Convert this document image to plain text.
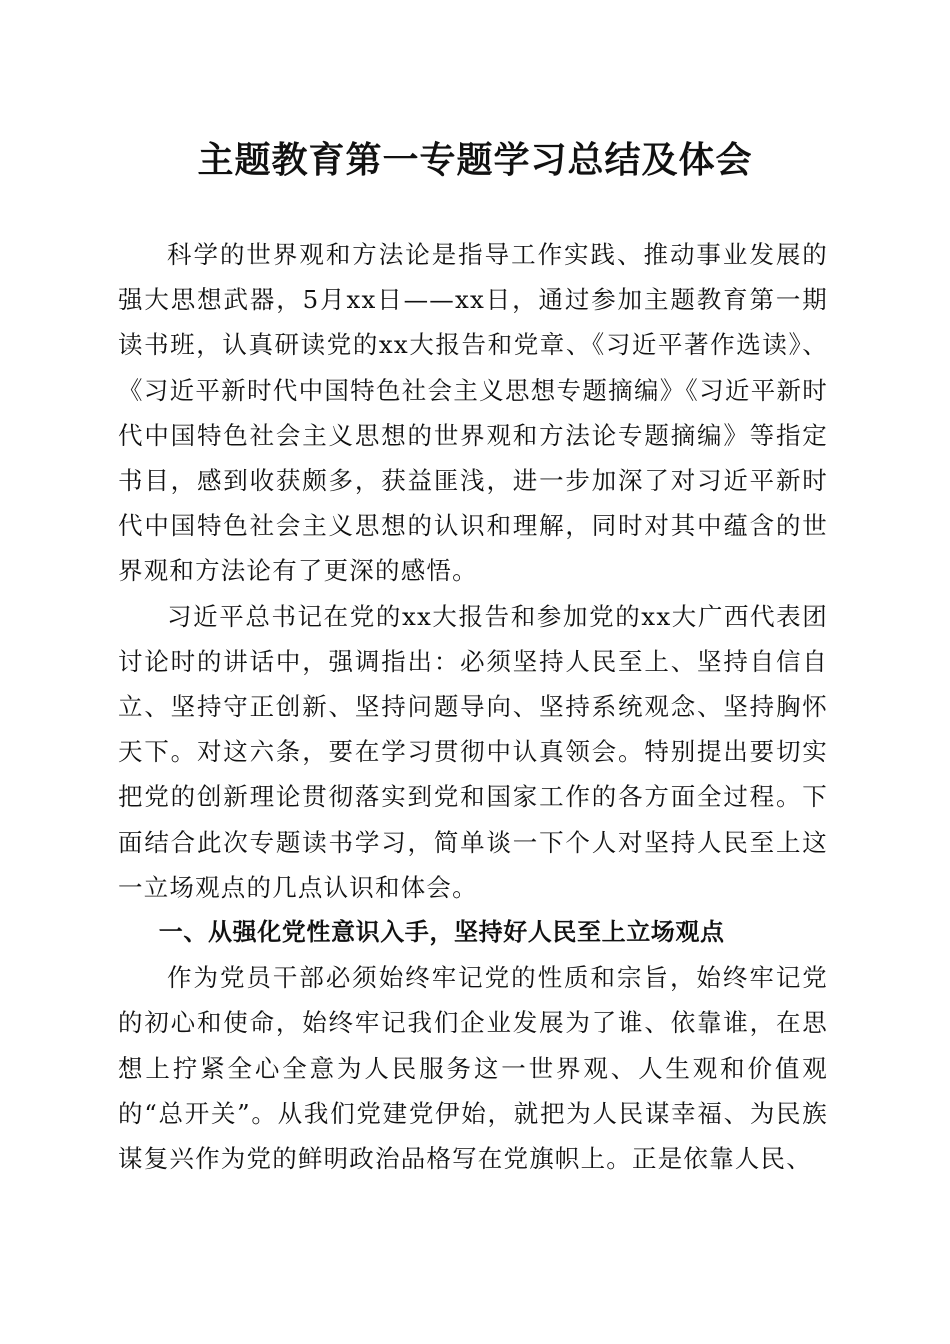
主题教育第一专题学习总结及体会

科学的世界观和方法论是指导工作实践、推动事业发展的强大思想武器，5月xx日——xx日，通过参加主题教育第一期读书班，认真研读党的xx大报告和党章、《习近平著作选读》、《习近平新时代中国特色社会主义思想专题摘编》《习近平新时代中国特色社会主义思想的世界观和方法论专题摘编》等指定书目，感到收获颇多，获益匪浅，进一步加深了对习近平新时代中国特色社会主义思想的认识和理解，同时对其中蕴含的世界观和方法论有了更深的感悟。

习近平总书记在党的xx大报告和参加党的xx大广西代表团讨论时的讲话中，强调指出：必须坚持人民至上、坚持自信自立、坚持守正创新、坚持问题导向、坚持系统观念、坚持胸怀天下。对这六条，要在学习贯彻中认真领会。特别提出要切实把党的创新理论贯彻落实到党和国家工作的各方面全过程。下面结合此次专题读书学习，简单谈一下个人对坚持人民至上这一立场观点的几点认识和体会。

一、从强化党性意识入手，坚持好人民至上立场观点

作为党员干部必须始终牢记党的性质和宗旨，始终牢记党的初心和使命，始终牢记我们企业发展为了谁、依靠谁，在思想上拧紧全心全意为人民服务这一世界观、人生观和价值观的“总开关”。从我们党建党伊始，就把为人民谋幸福、为民族谋复兴作为党的鲜明政治品格写在党旗帜上。正是依靠人民、
